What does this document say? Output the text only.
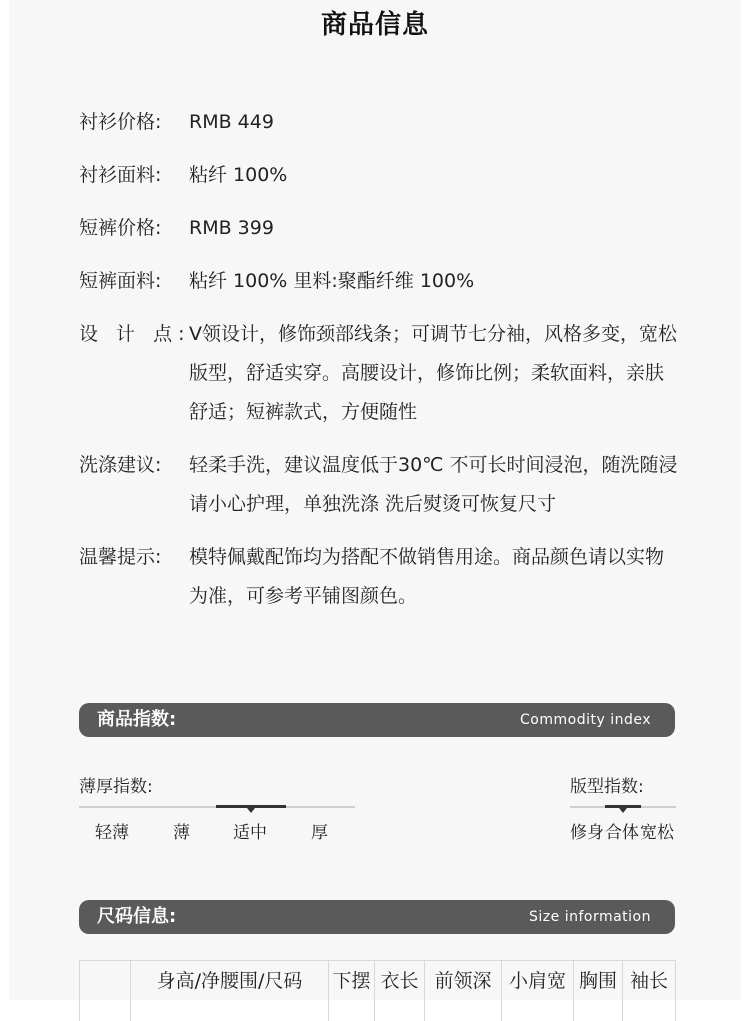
商品信息
衬衫价格:	RMB 449
衬衫面料:	粘纤 100%
短裤价格:	RMB 399
短裤面料:	粘纤 100% 里料:聚酯纤维 100%
设 计 点:
V领设计，修饰颈部线条；可调节七分袖，风格多变，宽松版型，舒适实穿。高腰设计，修饰比例；柔软面料，亲肤舒适；短裤款式，方便随性
洗涤建议:	轻柔手洗，建议温度低于30℃ 不可长时间浸泡，随洗随浸 请小心护理，单独洗涤 洗后熨烫可恢复尺寸
温馨提示:	模特佩戴配饰均为搭配不做销售用途。商品颜色请以实物为准，可参考平铺图颜色。
商品指数:	Commodity index
薄厚指数:
轻薄	薄	适中	厚
版型指数:
修身 合体 宽松
尺码信息:	Size information
身高/净腰围/尺码	下摆 衣长 前领深 小肩宽 胸围 袖长
